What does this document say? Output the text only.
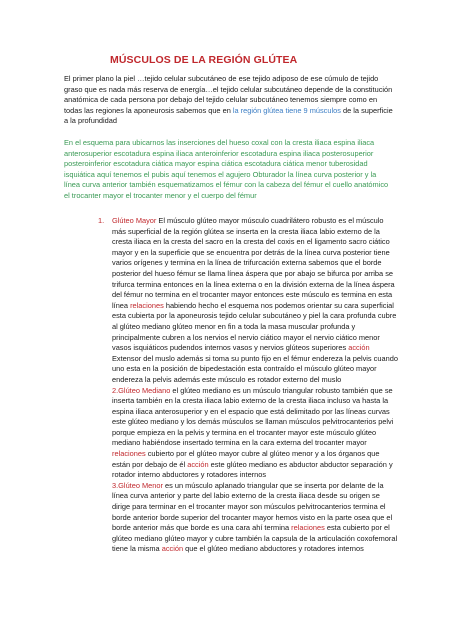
MÚSCULOS DE LA REGIÓN GLÚTEA

El primer plano la piel …tejido celular subcutáneo de ese tejido adiposo de ese cúmulo de tejido graso que es nada más reserva de energía…el tejido celular subcutáneo depende de la constitución anatómica de cada persona por debajo del tejido celular subcutáneo tenemos siempre como en todas las regiones la aponeurosis sabemos que en la región glútea tiene 9 músculos de la superficie a la profundidad

En el esquema para ubicarnos las inserciones del hueso coxal con la cresta iliaca espina iliaca anterosuperior escotadura espina iliaca anteroinferior escotadura espina iliaca posterosuperior posteroinferior escotadura ciática mayor espina ciática escotadura ciática menor tuberosidad isquiática aquí tenemos el pubis aquí tenemos el agujero Obturador la línea curva posterior y la línea curva anterior también esquematizamos el fémur con la cabeza del fémur el cuello anatómico el trocanter mayor el trocanter menor y el cuerpo del fémur

1. Glúteo Mayor El músculo glúteo mayor músculo cuadrilátero robusto es el músculo más superficial de la región glútea se inserta en la cresta iliaca labio externo de la cresta iliaca en la cresta del sacro en la cresta del coxis en el ligamento sacro ciático mayor y en la superficie que se encuentra por detrás de la línea curva posterior tiene varios orígenes y termina en la línea de trifurcación externa sabemos que el borde posterior del hueso fémur se llama línea áspera que por abajo se bifurca por arriba se trifurca termina entonces en la línea externa o en la división externa de la línea áspera del fémur no termina en el trocanter mayor entonces este músculo es termina en esta línea relaciones habiendo hecho el esquema nos podemos orientar su cara superficial esta cubierta por la aponeurosis tejido celular subcutáneo y piel la cara profunda cubre al glúteo mediano glúteo menor en fin a toda la masa muscular profunda y principalmente cubren a los nervios el nervio ciático mayor el nervio ciático menor vasos isquiáticos pudendos internos vasos y nervios glúteos superiores acción Extensor del muslo además si toma su punto fijo en el fémur endereza la pelvis cuando uno esta en la posición de bipedestación esta contraído el músculo glúteo mayor endereza la pelvis además este músculo es rotador externo del muslo
2.Glúteo Mediano el glúteo mediano es un músculo triangular robusto también que se inserta también en la cresta iliaca labio externo de la cresta iliaca incluso va hasta la espina iliaca anterosuperior y en el espacio que está delimitado por las líneas curvas este glúteo mediano y los demás músculos se llaman músculos pelvitrocanterios pelvi porque empieza en la pelvis y termina en el trocanter mayor este músculo glúteo mediano habiéndose insertado termina en la cara externa del trocanter mayor relaciones cubierto por el glúteo mayor cubre al glúteo menor y a los órganos que están por debajo de él acción este glúteo mediano es abductor abductor separación y rotador interno abductores y rotadores internos
3.Glúteo Menor es un músculo aplanado triangular que se inserta por delante de la línea curva anterior y parte del labio externo de la cresta iliaca desde su origen se dirige para terminar en el trocanter mayor son músculos pelvitrocanterios termina el borde anterior borde superior del trocanter mayor hemos visto en la parte osea que el borde anterior más que borde es una cara ahí termina relaciones esta cubierto por el glúteo mediano glúteo mayor y cubre también la capsula de la articulación coxofemoral tiene la misma acción que el glúteo mediano abductores y rotadores internos
